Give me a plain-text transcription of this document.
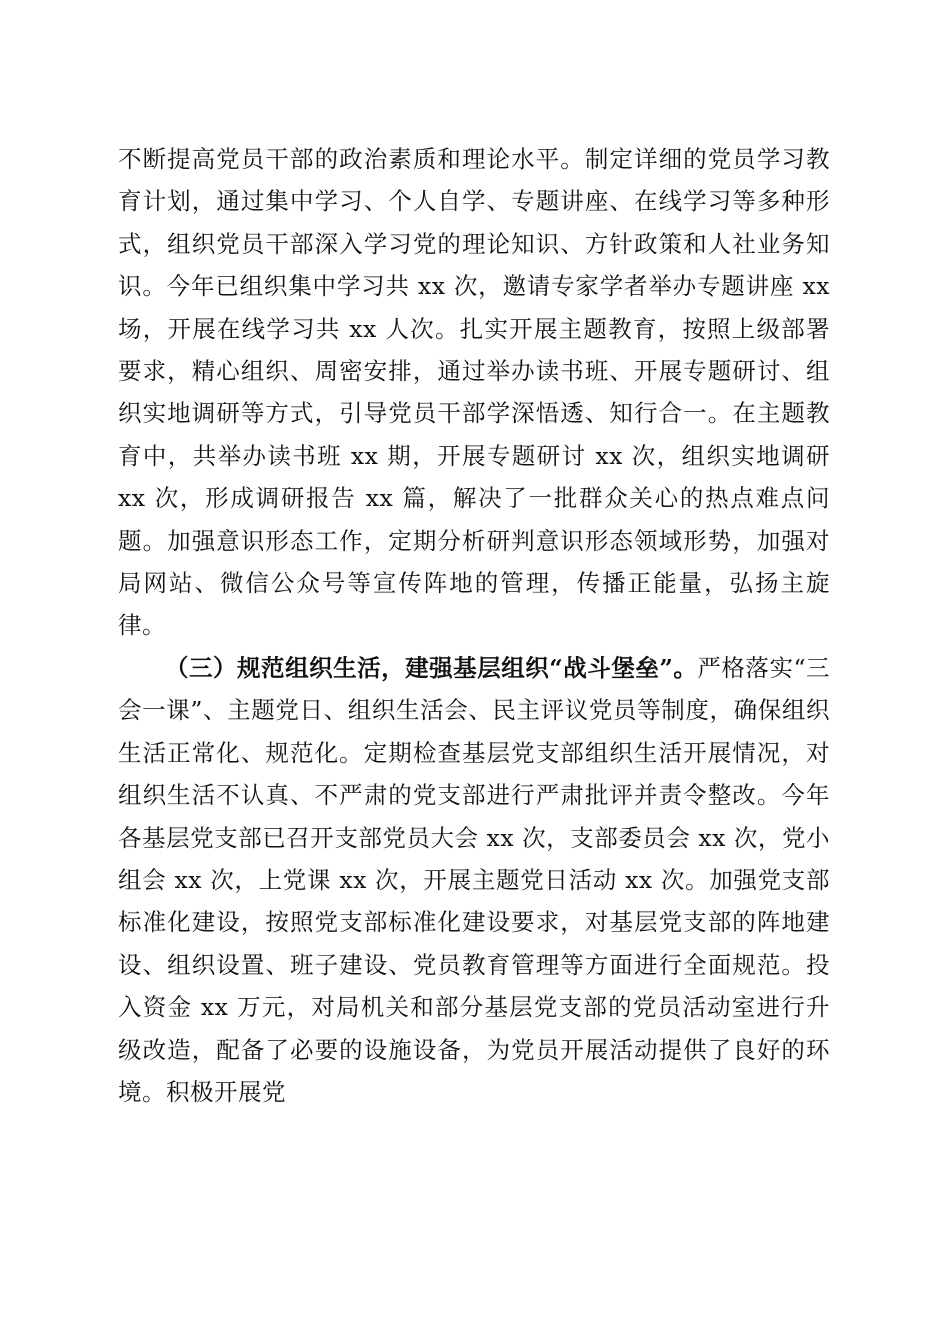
不断提高党员干部的政治素质和理论水平。制定详细的党员学习教育计划，通过集中学习、个人自学、专题讲座、在线学习等多种形式，组织党员干部深入学习党的理论知识、方针政策和人社业务知识。今年已组织集中学习共 xx 次，邀请专家学者举办专题讲座 xx 场，开展在线学习共 xx 人次。扎实开展主题教育，按照上级部署要求，精心组织、周密安排，通过举办读书班、开展专题研讨、组织实地调研等方式，引导党员干部学深悟透、知行合一。在主题教育中，共举办读书班 xx 期，开展专题研讨 xx 次，组织实地调研 xx 次，形成调研报告 xx 篇，解决了一批群众关心的热点难点问题。加强意识形态工作，定期分析研判意识形态领域形势，加强对局网站、微信公众号等宣传阵地的管理，传播正能量，弘扬主旋律。

（三）规范组织生活，建强基层组织“战斗堡垒”。严格落实“三会一课”、主题党日、组织生活会、民主评议党员等制度，确保组织生活正常化、规范化。定期检查基层党支部组织生活开展情况，对组织生活不认真、不严肃的党支部进行严肃批评并责令整改。今年各基层党支部已召开支部党员大会 xx 次，支部委员会 xx 次，党小组会 xx 次，上党课 xx 次，开展主题党日活动 xx 次。加强党支部标准化建设，按照党支部标准化建设要求，对基层党支部的阵地建设、组织设置、班子建设、党员教育管理等方面进行全面规范。投入资金 xx 万元，对局机关和部分基层党支部的党员活动室进行升级改造，配备了必要的设施设备，为党员开展活动提供了良好的环境。积极开展党
